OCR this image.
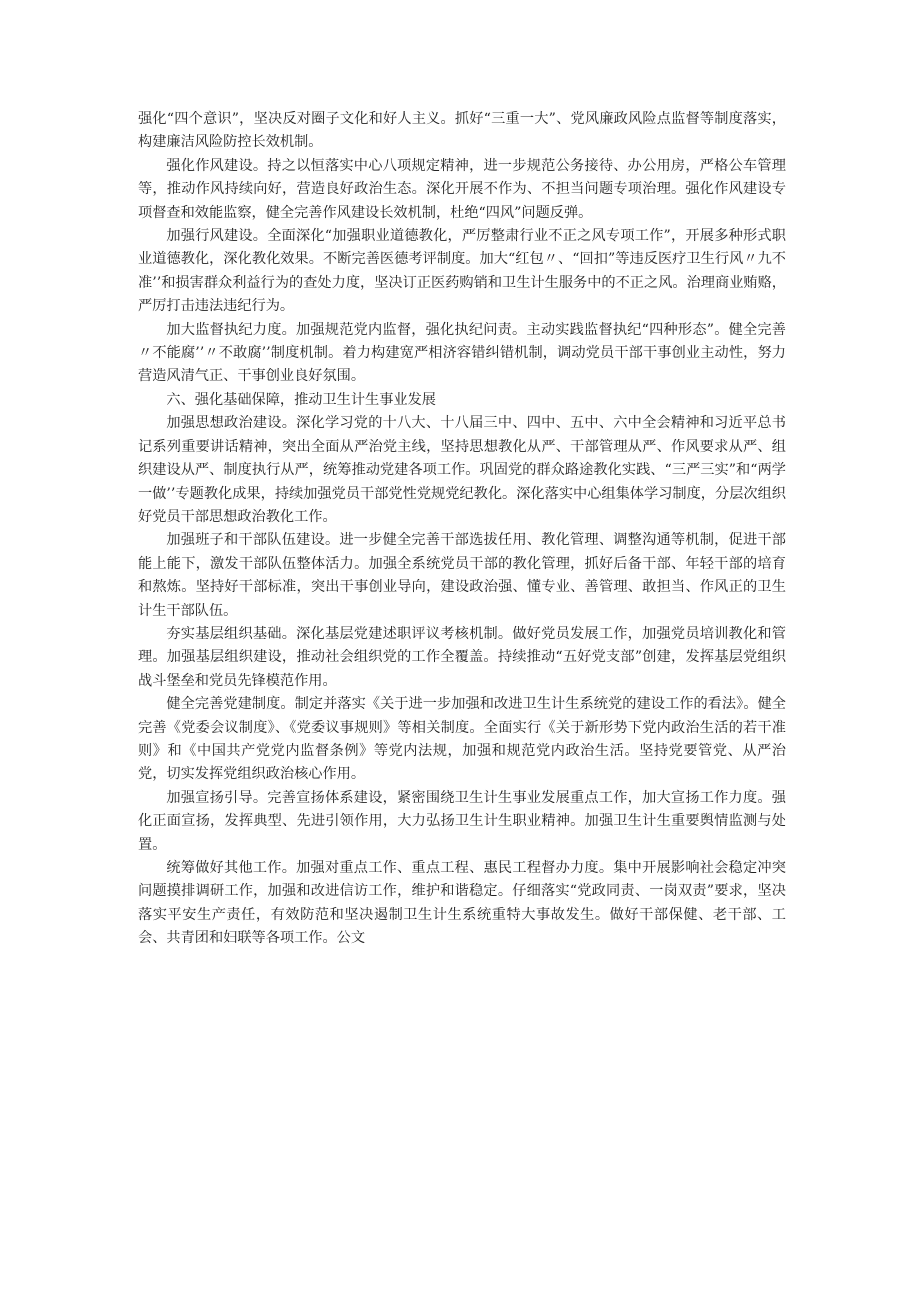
强化“四个意识”，坚决反对圈子文化和好人主义。抓好“三重一大”、党风廉政风险点监督等制度落实，构建廉洁风险防控长效机制。

强化作风建设。持之以恒落实中心八项规定精神，进一步规范公务接待、办公用房，严格公车管理等，推动作风持续向好，营造良好政治生态。深化开展不作为、不担当问题专项治理。强化作风建设专项督查和效能监察，健全完善作风建设长效机制，杜绝“四风”问题反弹。

加强行风建设。全面深化“加强职业道德教化，严厉整肃行业不正之风专项工作”，开展多种形式职业道德教化，深化教化效果。不断完善医德考评制度。加大“红包〃、“回扣”等违反医疗卫生行风〃九不准’’和损害群众利益行为的查处力度，坚决订正医药购销和卫生计生服务中的不正之风。治理商业贿赂，严厉打击违法违纪行为。

加大监督执纪力度。加强规范党内监督，强化执纪问责。主动实践监督执纪“四种形态”。健全完善〃不能腐’’〃不敢腐’’制度机制。着力构建宽严相济容错纠错机制，调动党员干部干事创业主动性，努力营造风清气正、干事创业良好氛围。

六、强化基础保障，推动卫生计生事业发展

加强思想政治建设。深化学习党的十八大、十八届三中、四中、五中、六中全会精神和习近平总书记系列重要讲话精神，突出全面从严治党主线，坚持思想教化从严、干部管理从严、作风要求从严、组织建设从严、制度执行从严，统筹推动党建各项工作。巩固党的群众路途教化实践、“三严三实”和“两学一做’’专题教化成果，持续加强党员干部党性党规党纪教化。深化落实中心组集体学习制度，分层次组织好党员干部思想政治教化工作。

加强班子和干部队伍建设。进一步健全完善干部选拔任用、教化管理、调整沟通等机制，促进干部能上能下，激发干部队伍整体活力。加强全系统党员干部的教化管理，抓好后备干部、年轻干部的培育和熬炼。坚持好干部标准，突出干事创业导向，建设政治强、懂专业、善管理、敢担当、作风正的卫生计生干部队伍。

夯实基层组织基础。深化基层党建述职评议考核机制。做好党员发展工作，加强党员培训教化和管理。加强基层组织建设，推动社会组织党的工作全覆盖。持续推动“五好党支部”创建，发挥基层党组织战斗堡垒和党员先锋模范作用。

健全完善党建制度。制定并落实《关于进一步加强和改进卫生计生系统党的建设工作的看法》。健全完善《党委会议制度》、《党委议事规则》等相关制度。全面实行《关于新形势下党内政治生活的若干准则》和《中国共产党党内监督条例》等党内法规，加强和规范党内政治生活。坚持党要管党、从严治党，切实发挥党组织政治核心作用。

加强宣扬引导。完善宣扬体系建设，紧密围绕卫生计生事业发展重点工作，加大宣扬工作力度。强化正面宣扬，发挥典型、先进引领作用，大力弘扬卫生计生职业精神。加强卫生计生重要舆情监测与处置。

统筹做好其他工作。加强对重点工作、重点工程、惠民工程督办力度。集中开展影响社会稳定冲突问题摸排调研工作，加强和改进信访工作，维护和谐稳定。仔细落实“党政同责、一岗双责”要求，坚决落实平安生产责任，有效防范和坚决遏制卫生计生系统重特大事故发生。做好干部保健、老干部、工会、共青团和妇联等各项工作。公文
